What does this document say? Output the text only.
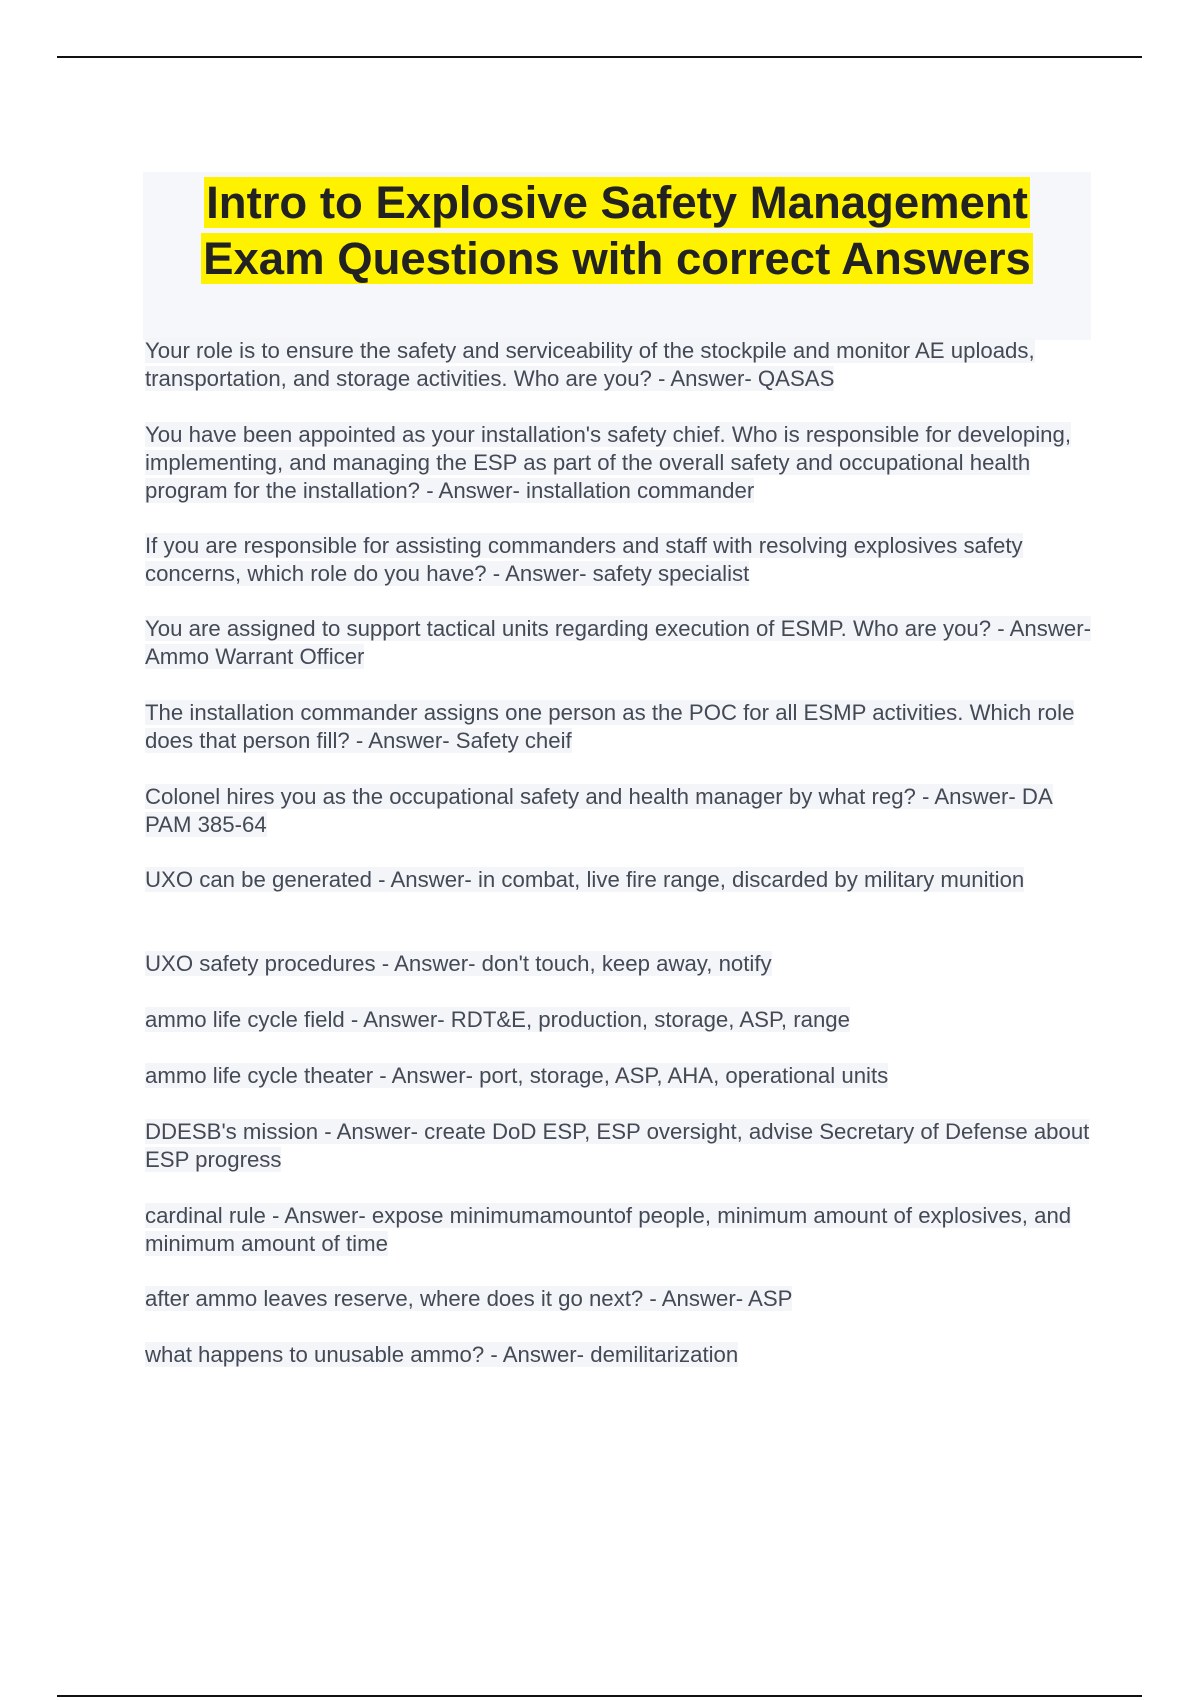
Intro to Explosive Safety Management
Exam Questions with correct Answers
Your role is to ensure the safety and serviceability of the stockpile and monitor AE uploads, transportation, and storage activities. Who are you? - Answer- QASAS
You have been appointed as your installation's safety chief. Who is responsible for developing, implementing, and managing the ESP as part of the overall safety and occupational health program for the installation? - Answer- installation commander
If you are responsible for assisting commanders and staff with resolving explosives safety concerns, which role do you have? - Answer- safety specialist
You are assigned to support tactical units regarding execution of ESMP. Who are you? - Answer- Ammo Warrant Officer
The installation commander assigns one person as the POC for all ESMP activities. Which role does that person fill? - Answer- Safety cheif
Colonel hires you as the occupational safety and health manager by what reg? - Answer- DA PAM 385-64
UXO can be generated - Answer- in combat, live fire range, discarded by military munition
UXO safety procedures - Answer- don't touch, keep away, notify
ammo life cycle field - Answer- RDT&E, production, storage, ASP, range
ammo life cycle theater - Answer- port, storage, ASP, AHA, operational units
DDESB's mission - Answer- create DoD ESP, ESP oversight, advise Secretary of Defense about ESP progress
cardinal rule - Answer- expose minimumamountof people, minimum amount of explosives, and minimum amount of time
after ammo leaves reserve, where does it go next? - Answer- ASP
what happens to unusable ammo? - Answer- demilitarization
